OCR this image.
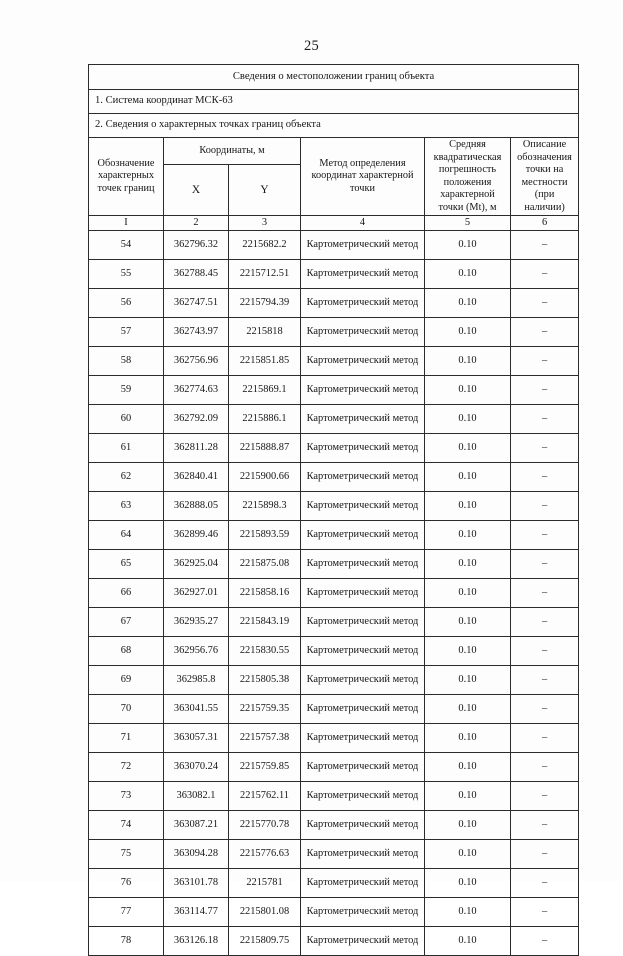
25
Сведения о местоположении границ объекта					
1. Система координат МСК-63					
2. Сведения о характерных точках границ объекта					
Обозначение характерных точек границ	Координаты, м		Метод определения координат характерной точки	Средняя квадратическая погрешность положения характерной точки (Mt), м	Описание обозначения точки на местности (при наличии)
	X	Y			
I	2	3	4	5	6
54	362796.32	2215682.2	Картометрический метод	0.10	–
55	362788.45	2215712.51	Картометрический метод	0.10	–
56	362747.51	2215794.39	Картометрический метод	0.10	–
57	362743.97	2215818	Картометрический метод	0.10	–
58	362756.96	2215851.85	Картометрический метод	0.10	–
59	362774.63	2215869.1	Картометрический метод	0.10	–
60	362792.09	2215886.1	Картометрический метод	0.10	–
61	362811.28	2215888.87	Картометрический метод	0.10	–
62	362840.41	2215900.66	Картометрический метод	0.10	–
63	362888.05	2215898.3	Картометрический метод	0.10	–
64	362899.46	2215893.59	Картометрический метод	0.10	–
65	362925.04	2215875.08	Картометрический метод	0.10	–
66	362927.01	2215858.16	Картометрический метод	0.10	–
67	362935.27	2215843.19	Картометрический метод	0.10	–
68	362956.76	2215830.55	Картометрический метод	0.10	–
69	362985.8	2215805.38	Картометрический метод	0.10	–
70	363041.55	2215759.35	Картометрический метод	0.10	–
71	363057.31	2215757.38	Картометрический метод	0.10	–
72	363070.24	2215759.85	Картометрический метод	0.10	–
73	363082.1	2215762.11	Картометрический метод	0.10	–
74	363087.21	2215770.78	Картометрический метод	0.10	–
75	363094.28	2215776.63	Картометрический метод	0.10	–
76	363101.78	2215781	Картометрический метод	0.10	–
77	363114.77	2215801.08	Картометрический метод	0.10	–
78	363126.18	2215809.75	Картометрический метод	0.10	–
